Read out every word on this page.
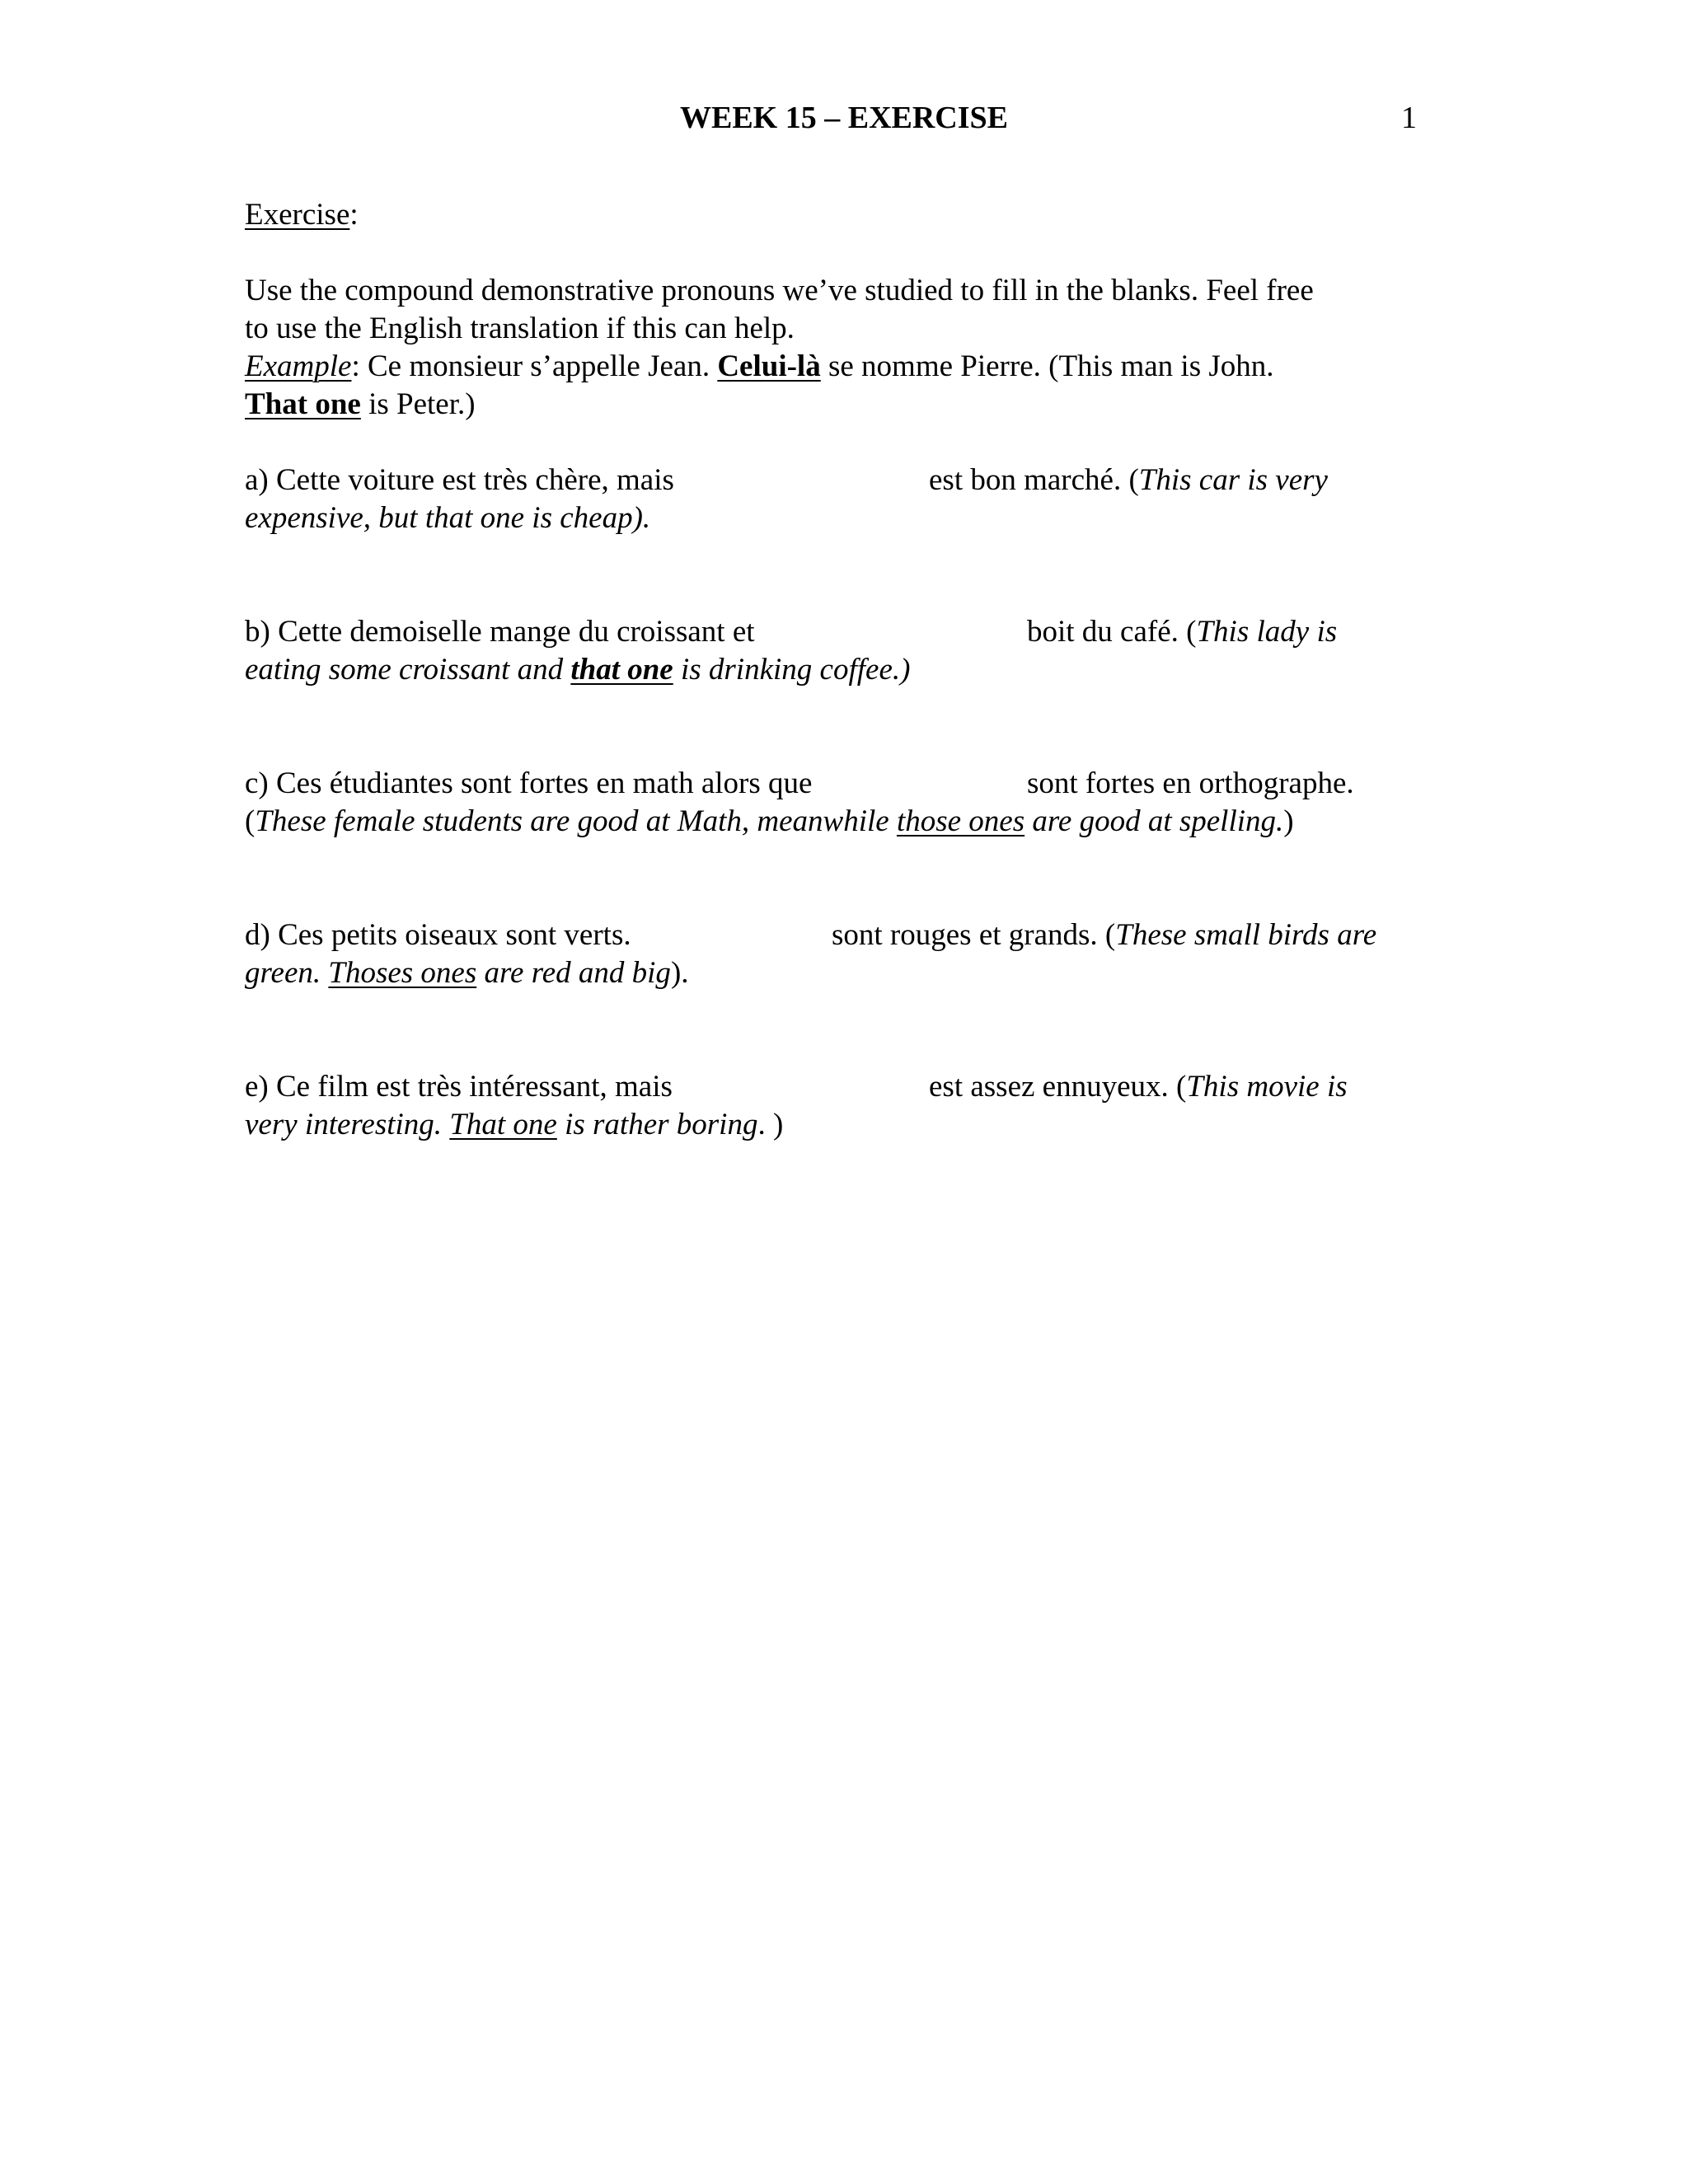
WEEK 15 – EXERCISE	1
Exercise:
Use the compound demonstrative pronouns we’ve studied to fill in the blanks. Feel free
to use the English translation if this can help.
Example: Ce monsieur s’appelle Jean. Celui-là se nomme Pierre. (This man is John.
That one is Peter.)
a) Cette voiture est très chère, mais	est bon marché. (This car is very
expensive, but that one is cheap).
b) Cette demoiselle mange du croissant et	boit du café. (This lady is
eating some croissant and that one is drinking coffee.)
c) Ces étudiantes sont fortes en math alors que	sont fortes en orthographe.
(These female students are good at Math, meanwhile those ones are good at spelling.)
d) Ces petits oiseaux sont verts.	sont rouges et grands. (These small birds are
green. Thoses ones are red and big).
e) Ce film est très intéressant, mais	est assez ennuyeux. (This movie is
very interesting. That one is rather boring. )
